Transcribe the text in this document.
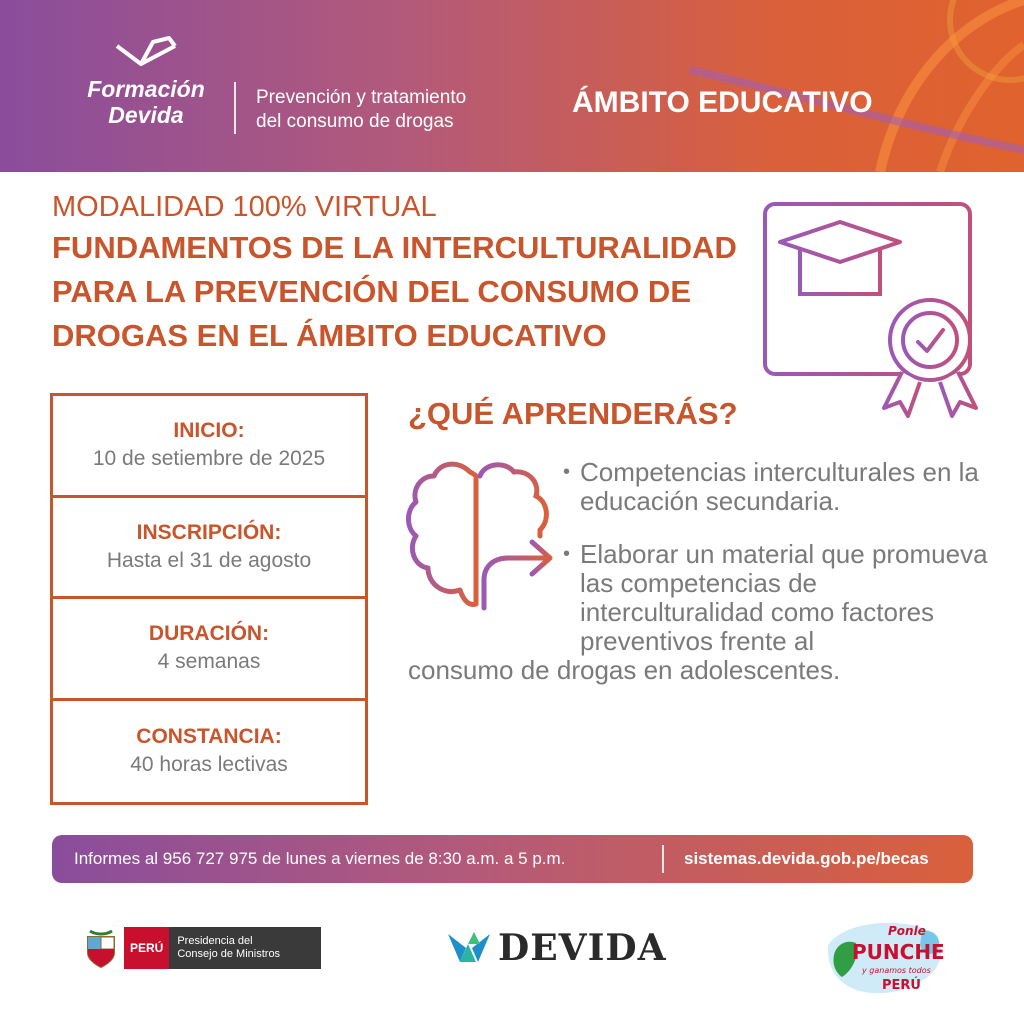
Formación
Devida
Prevención y tratamiento
del consumo de drogas
ÁMBITO EDUCATIVO
MODALIDAD 100% VIRTUAL
FUNDAMENTOS DE LA INTERCULTURALIDAD
PARA LA PREVENCIÓN DEL CONSUMO DE
DROGAS EN EL ÁMBITO EDUCATIVO
INICIO:
10 de setiembre de 2025
INSCRIPCIÓN:
Hasta el 31 de agosto
DURACIÓN:
4 semanas
CONSTANCIA:
40 horas lectivas
¿QUÉ APRENDERÁS?
• Competencias interculturales en la educación secundaria.
• Elaborar un material que promueva las competencias de interculturalidad como factores preventivos frente al
consumo de drogas en adolescentes.
Informes al 956 727 975 de lunes a viernes de 8:30 a.m. a 5 p.m.	sistemas.devida.gob.pe/becas
PERÚ	Presidencia del
Consejo de Ministros	DEVIDA	Ponle
PUNCHE
y ganamos todos
PERÚ
